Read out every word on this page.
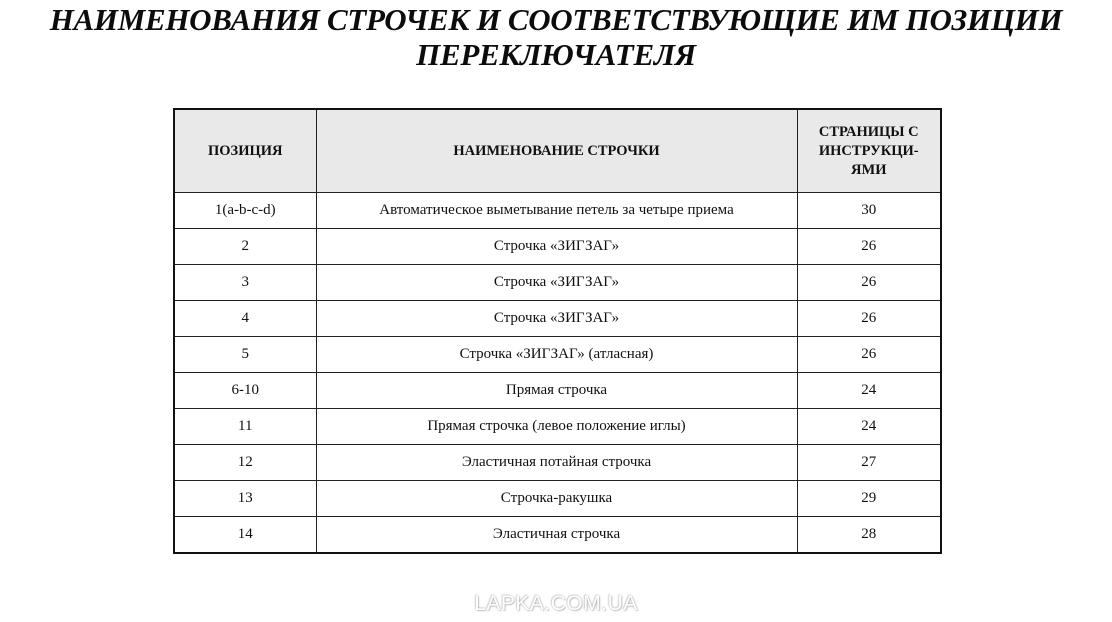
НАИМЕНОВАНИЯ СТРОЧЕК И СООТВЕТСТВУЮЩИЕ ИМ ПОЗИЦИИ
ПЕРЕКЛЮЧАТЕЛЯ
ПОЗИЦИЯ	НАИМЕНОВАНИЕ СТРОЧКИ	СТРАНИЦЫ С ИНСТРУКЦИ-ЯМИ
1(a-b-c-d)	Автоматическое выметывание петель за четыре приема	30
2	Строчка «ЗИГЗАГ»	26
3	Строчка «ЗИГЗАГ»	26
4	Строчка «ЗИГЗАГ»	26
5	Строчка «ЗИГЗАГ» (атласная)	26
6-10	Прямая строчка	24
11	Прямая строчка (левое положение иглы)	24
12	Эластичная потайная строчка	27
13	Строчка-ракушка	29
14	Эластичная строчка	28
LAPKA.COM.UA
